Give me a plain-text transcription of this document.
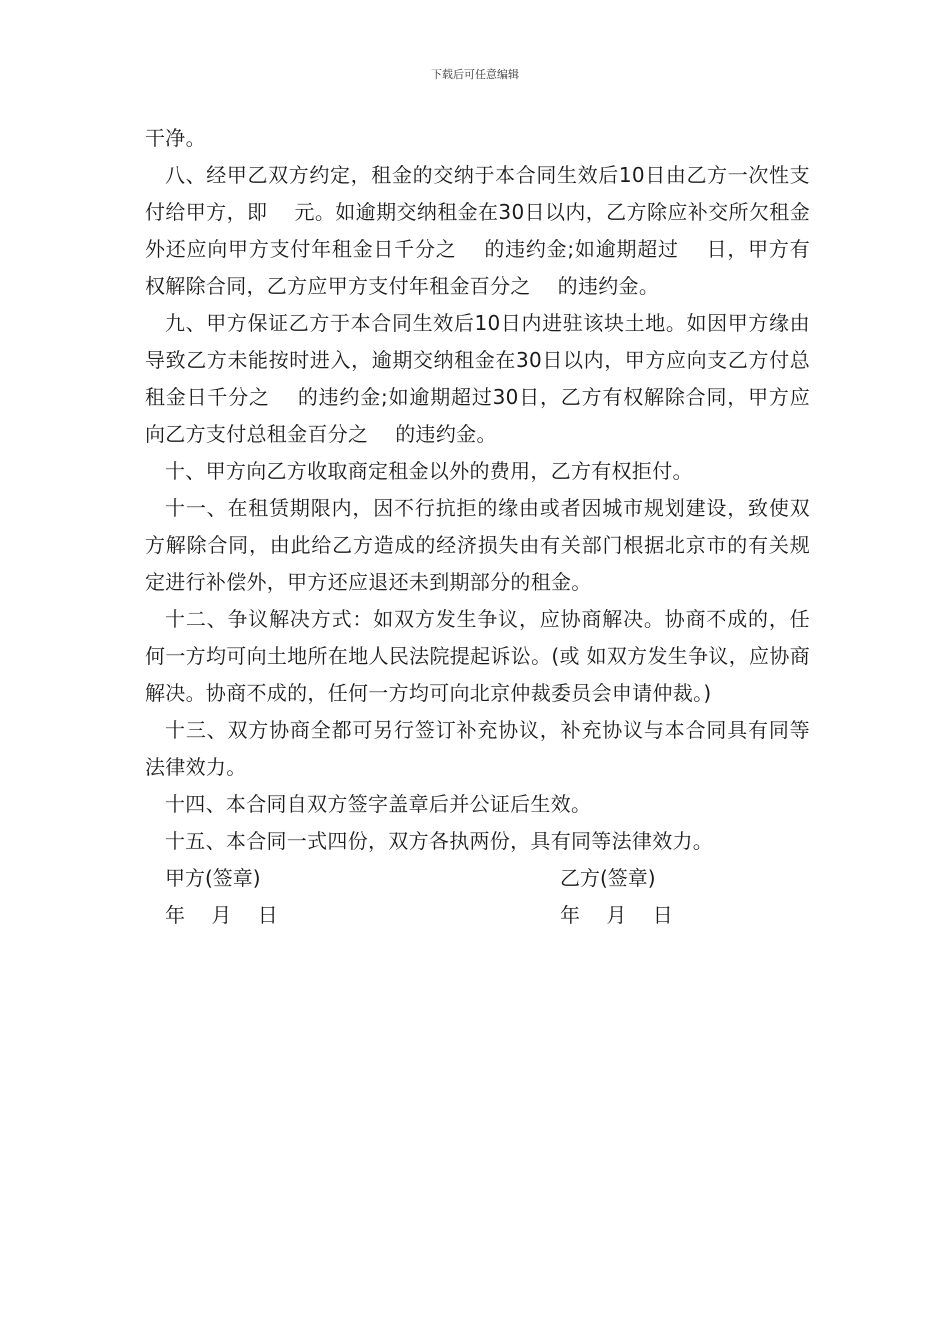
下载后可任意编辑

干净。

八、经甲乙双方约定，租金的交纳于本合同生效后10日由乙方一次性支付给甲方，即　 元。如逾期交纳租金在30日以内，乙方除应补交所欠租金外还应向甲方支付年租金日千分之　 的违约金;如逾期超过　 日，甲方有权解除合同，乙方应甲方支付年租金百分之　 的违约金。

九、甲方保证乙方于本合同生效后10日内进驻该块土地。如因甲方缘由导致乙方未能按时进入，逾期交纳租金在30日以内，甲方应向支乙方付总租金日千分之　 的违约金;如逾期超过30日，乙方有权解除合同，甲方应向乙方支付总租金百分之　 的违约金。

十、甲方向乙方收取商定租金以外的费用，乙方有权拒付。

十一、在租赁期限内，因不行抗拒的缘由或者因城市规划建设，致使双方解除合同，由此给乙方造成的经济损失由有关部门根据北京市的有关规定进行补偿外，甲方还应退还未到期部分的租金。

十二、争议解决方式：如双方发生争议，应协商解决。协商不成的，任何一方均可向土地所在地人民法院提起诉讼。(或 如双方发生争议，应协商解决。协商不成的，任何一方均可向北京仲裁委员会申请仲裁。)

十三、双方协商全都可另行签订补充协议，补充协议与本合同具有同等法律效力。

十四、本合同自双方签字盖章后并公证后生效。

十五、本合同一式四份，双方各执两份，具有同等法律效力。

甲方(签章)	乙方(签章)
年　 月　 日	年　 月　 日
